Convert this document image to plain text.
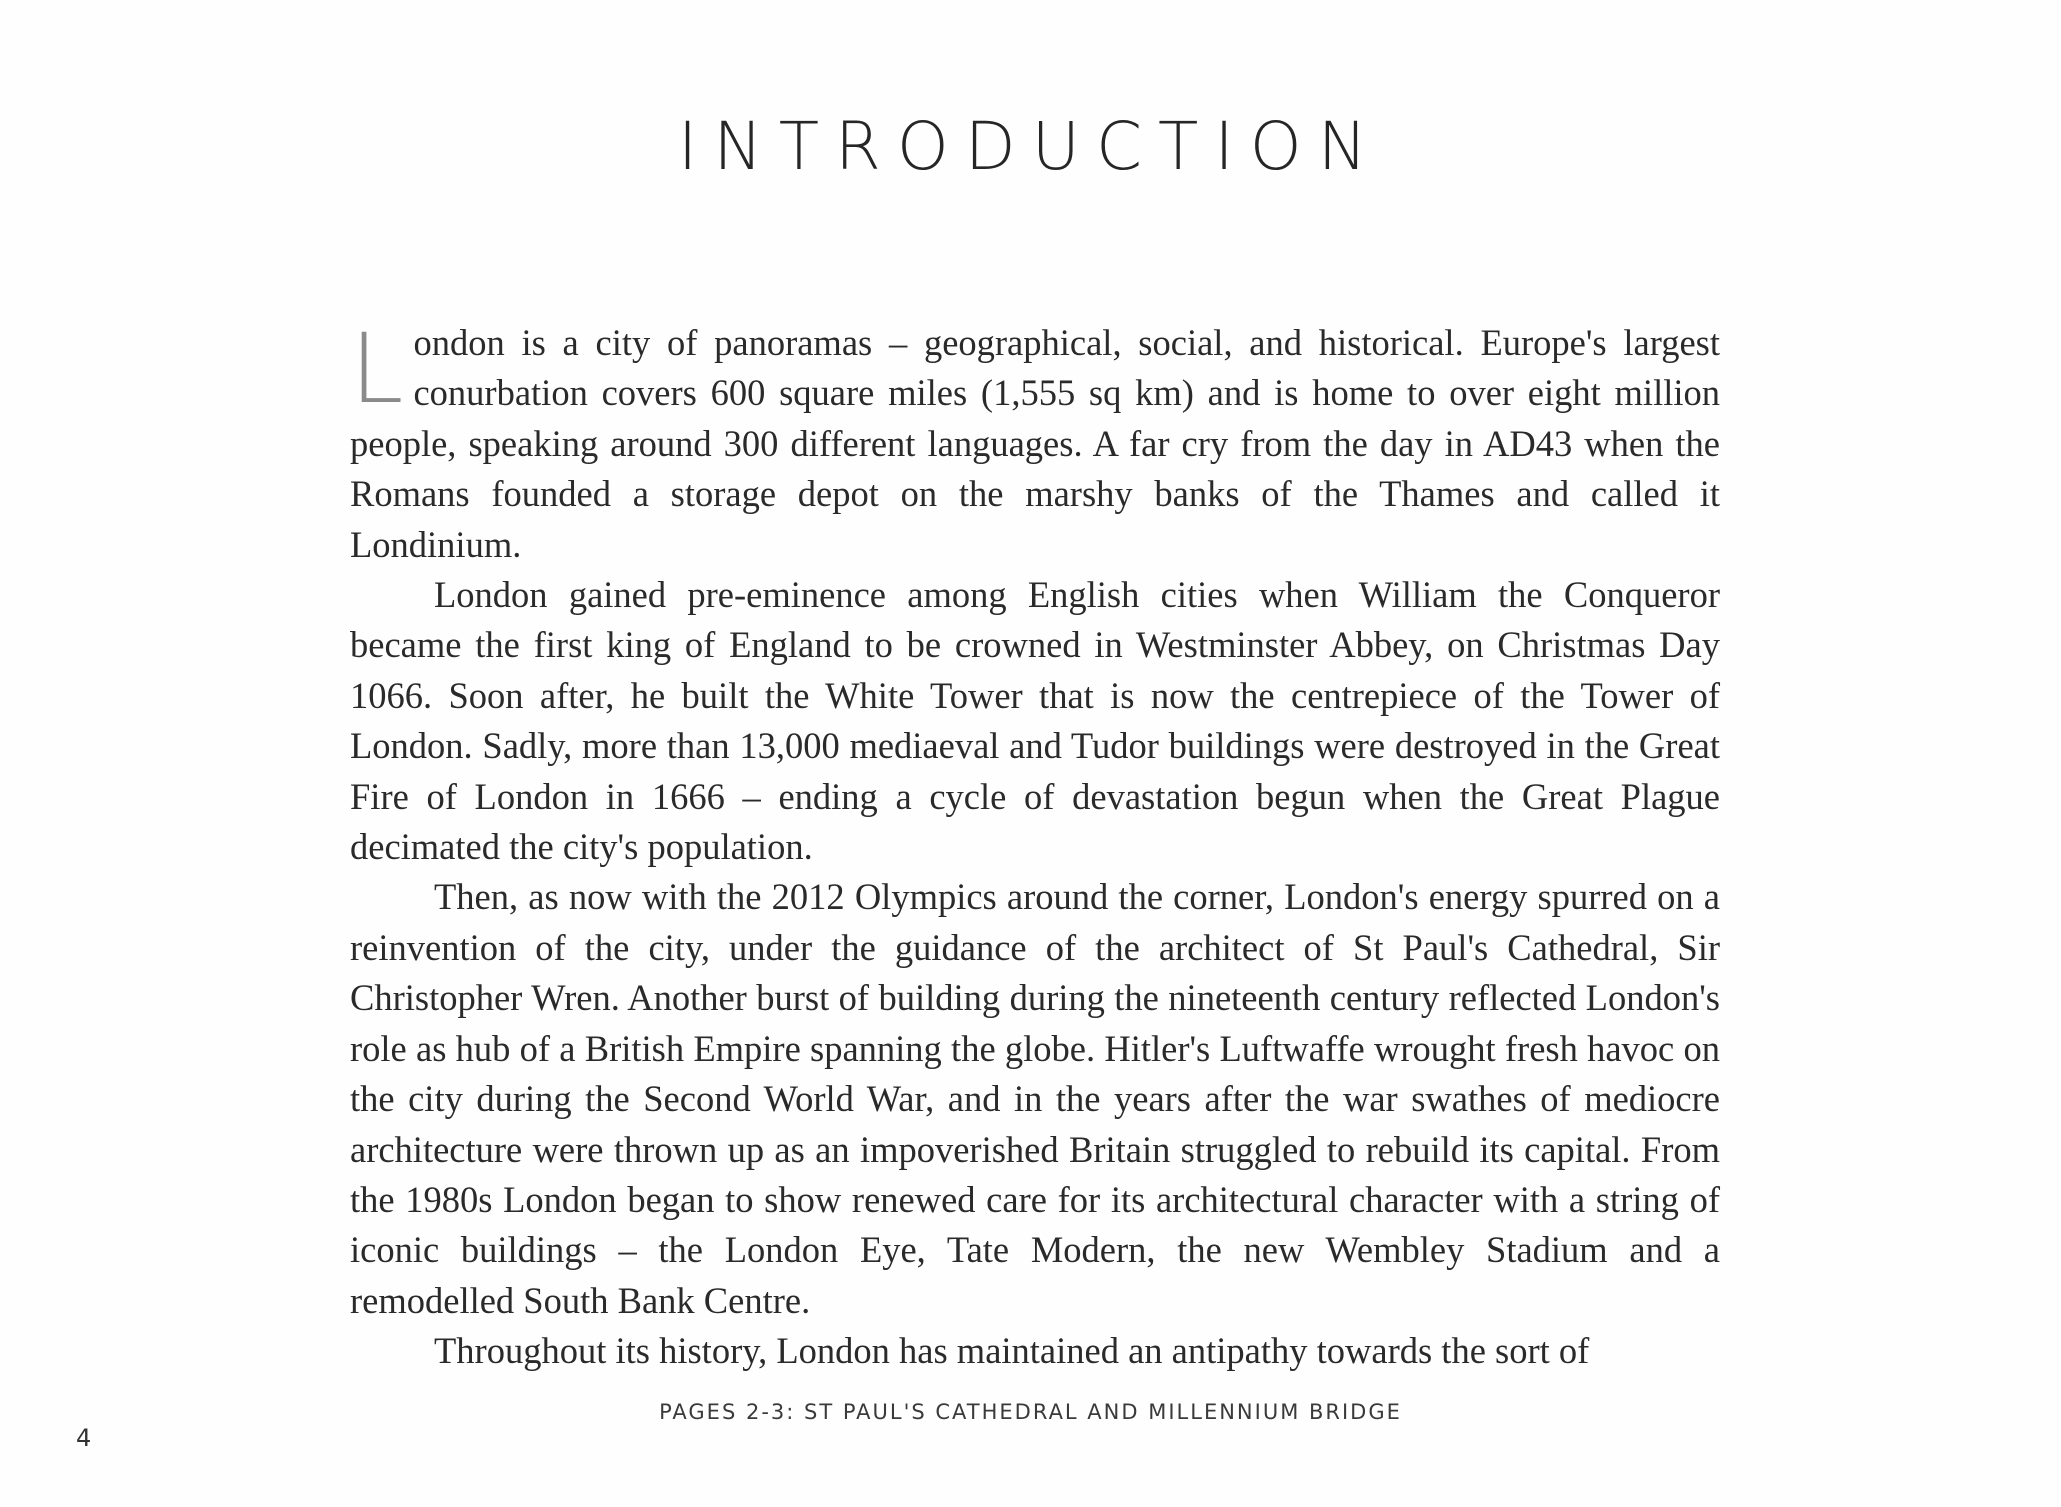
INTRODUCTION

London is a city of panoramas – geographical, social, and historical. Europe's largest conurbation covers 600 square miles (1,555 sq km) and is home to over eight million people, speaking around 300 different languages. A far cry from the day in AD43 when the Romans founded a storage depot on the marshy banks of the Thames and called it Londinium.

London gained pre-eminence among English cities when William the Conqueror became the first king of England to be crowned in Westminster Abbey, on Christmas Day 1066. Soon after, he built the White Tower that is now the centrepiece of the Tower of London. Sadly, more than 13,000 mediaeval and Tudor buildings were destroyed in the Great Fire of London in 1666 – ending a cycle of devastation begun when the Great Plague decimated the city's population.

Then, as now with the 2012 Olympics around the corner, London's energy spurred on a reinvention of the city, under the guidance of the architect of St Paul's Cathedral, Sir Christopher Wren. Another burst of building during the nineteenth century reflected London's role as hub of a British Empire spanning the globe. Hitler's Luftwaffe wrought fresh havoc on the city during the Second World War, and in the years after the war swathes of mediocre architecture were thrown up as an impoverished Britain struggled to rebuild its capital. From the 1980s London began to show renewed care for its architectural character with a string of iconic buildings – the London Eye, Tate Modern, the new Wembley Stadium and a remodelled South Bank Centre.

Throughout its history, London has maintained an antipathy towards the sort of

PAGES 2-3: ST PAUL'S CATHEDRAL AND MILLENNIUM BRIDGE
4
